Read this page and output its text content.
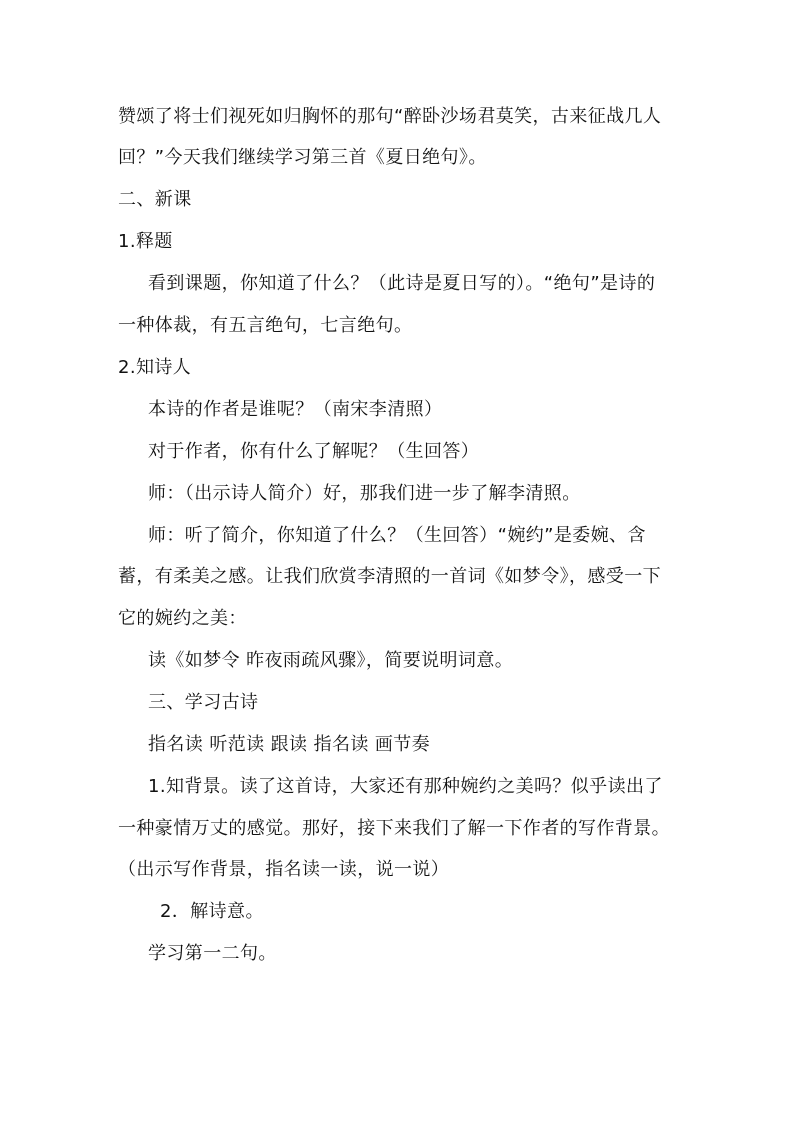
赞颂了将士们视死如归胸怀的那句“醉卧沙场君莫笑，古来征战几人
回？”今天我们继续学习第三首《夏日绝句》。
二、新课
1.释题
看到课题，你知道了什么？（此诗是夏日写的）。“绝句”是诗的
一种体裁，有五言绝句，七言绝句。
2.知诗人
本诗的作者是谁呢？（南宋李清照）
对于作者，你有什么了解呢？（生回答）
师：（出示诗人简介）好，那我们进一步了解李清照。
师：听了简介，你知道了什么？（生回答）“婉约”是委婉、含
蓄，有柔美之感。让我们欣赏李清照的一首词《如梦令》，感受一下
它的婉约之美：
读《如梦令 昨夜雨疏风骤》，简要说明词意。
三、学习古诗
指名读 听范读 跟读 指名读 画节奏
1.知背景。读了这首诗，大家还有那种婉约之美吗？似乎读出了
一种豪情万丈的感觉。那好，接下来我们了解一下作者的写作背景。
（出示写作背景，指名读一读，说一说）
2．解诗意。
学习第一二句。
